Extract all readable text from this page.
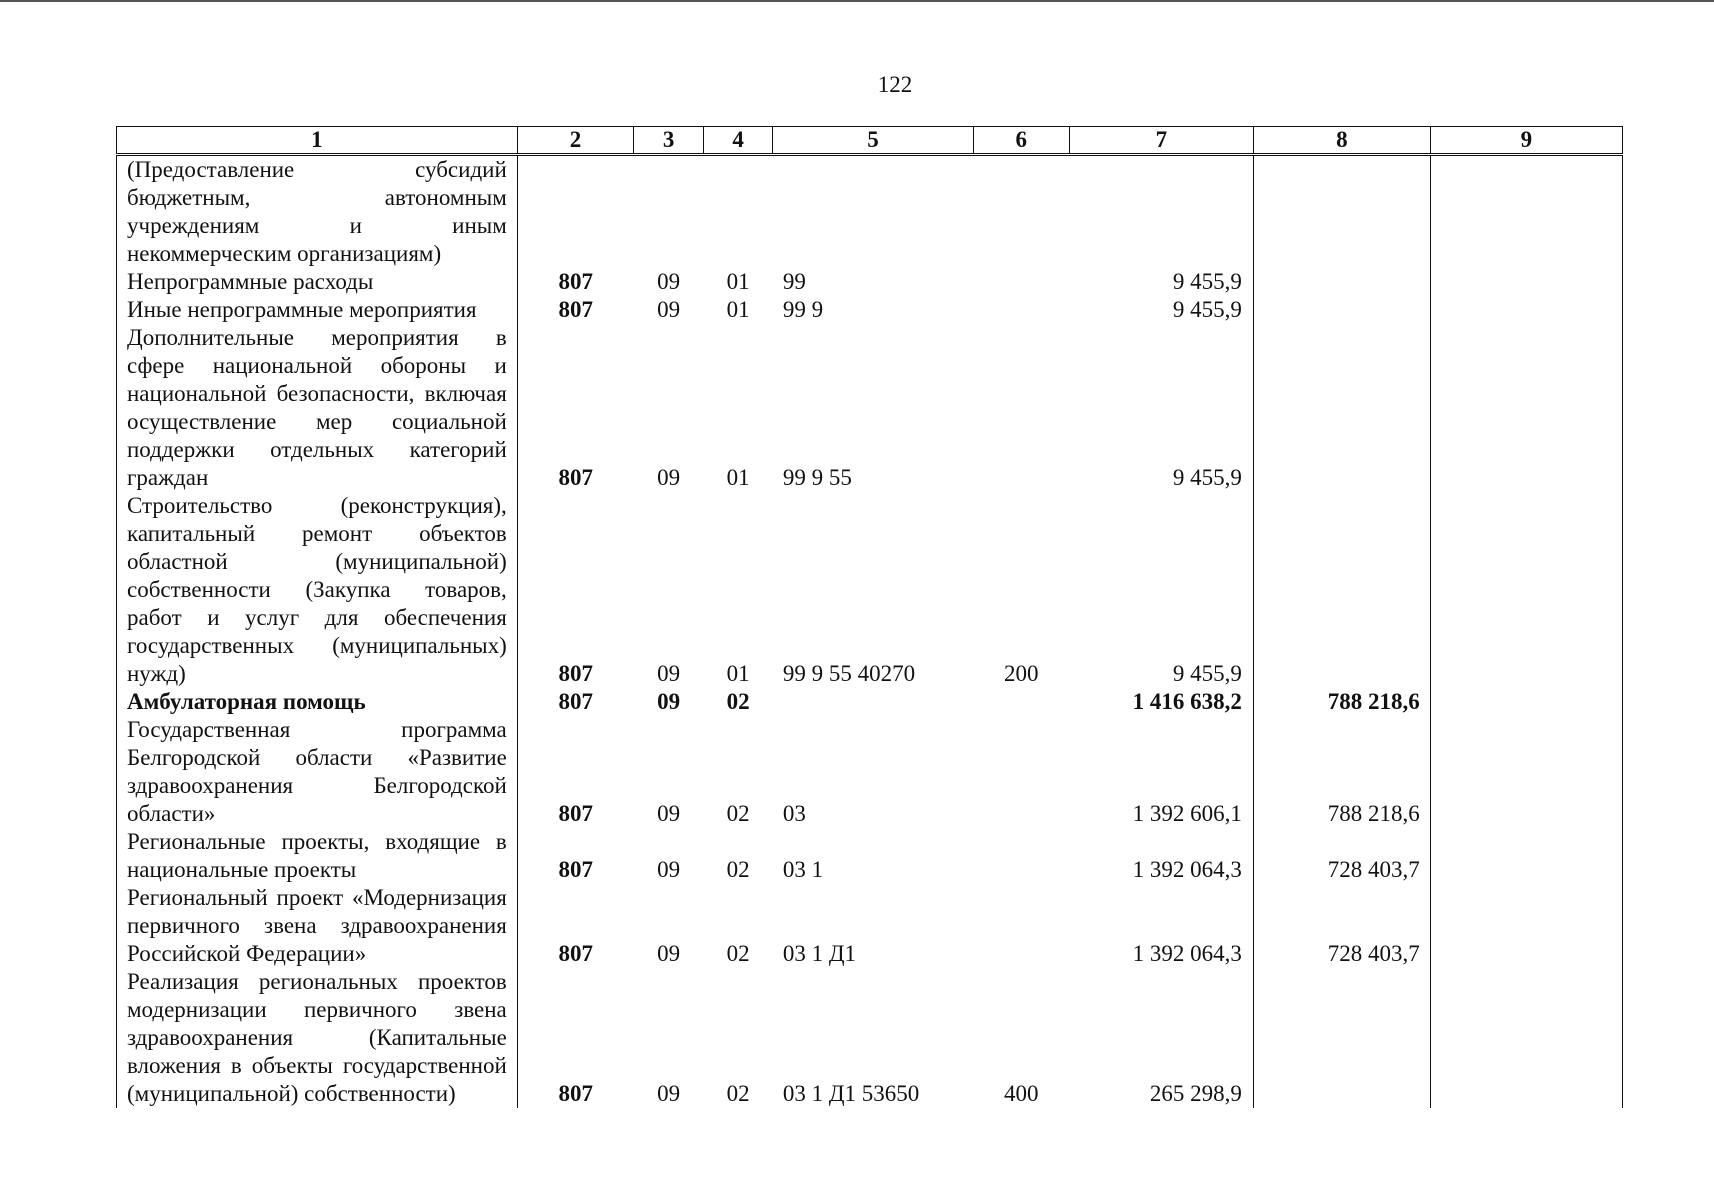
122
1	2	3	4	5	6	7	8	9
(Предоставление субсидий бюджетным, автономным учреждениям и иным некоммерческим организациям)								
Непрограммные расходы	807	09	01	99		9 455,9		
Иные непрограммные мероприятия	807	09	01	99 9		9 455,9		
Дополнительные мероприятия в сфере национальной обороны и национальной безопасности, включая осуществление мер социальной поддержки отдельных категорий граждан	807	09	01	99 9 55		9 455,9		
Строительство (реконструкция), капитальный ремонт объектов областной (муниципальной) собственности (Закупка товаров, работ и услуг для обеспечения государственных (муниципальных) нужд)	807	09	01	99 9 55 40270	200	9 455,9		
Амбулаторная помощь	807	09	02			1 416 638,2	788 218,6	
Государственная программа Белгородской области «Развитие здравоохранения Белгородской области»	807	09	02	03		1 392 606,1	788 218,6	
Региональные проекты, входящие в национальные проекты	807	09	02	03 1		1 392 064,3	728 403,7	
Региональный проект «Модернизация первичного звена здравоохранения Российской Федерации»	807	09	02	03 1 Д1		1 392 064,3	728 403,7	
Реализация региональных проектов модернизации первичного звена здравоохранения (Капитальные вложения в объекты государственной (муниципальной) собственности)	807	09	02	03 1 Д1 53650	400	265 298,9		
